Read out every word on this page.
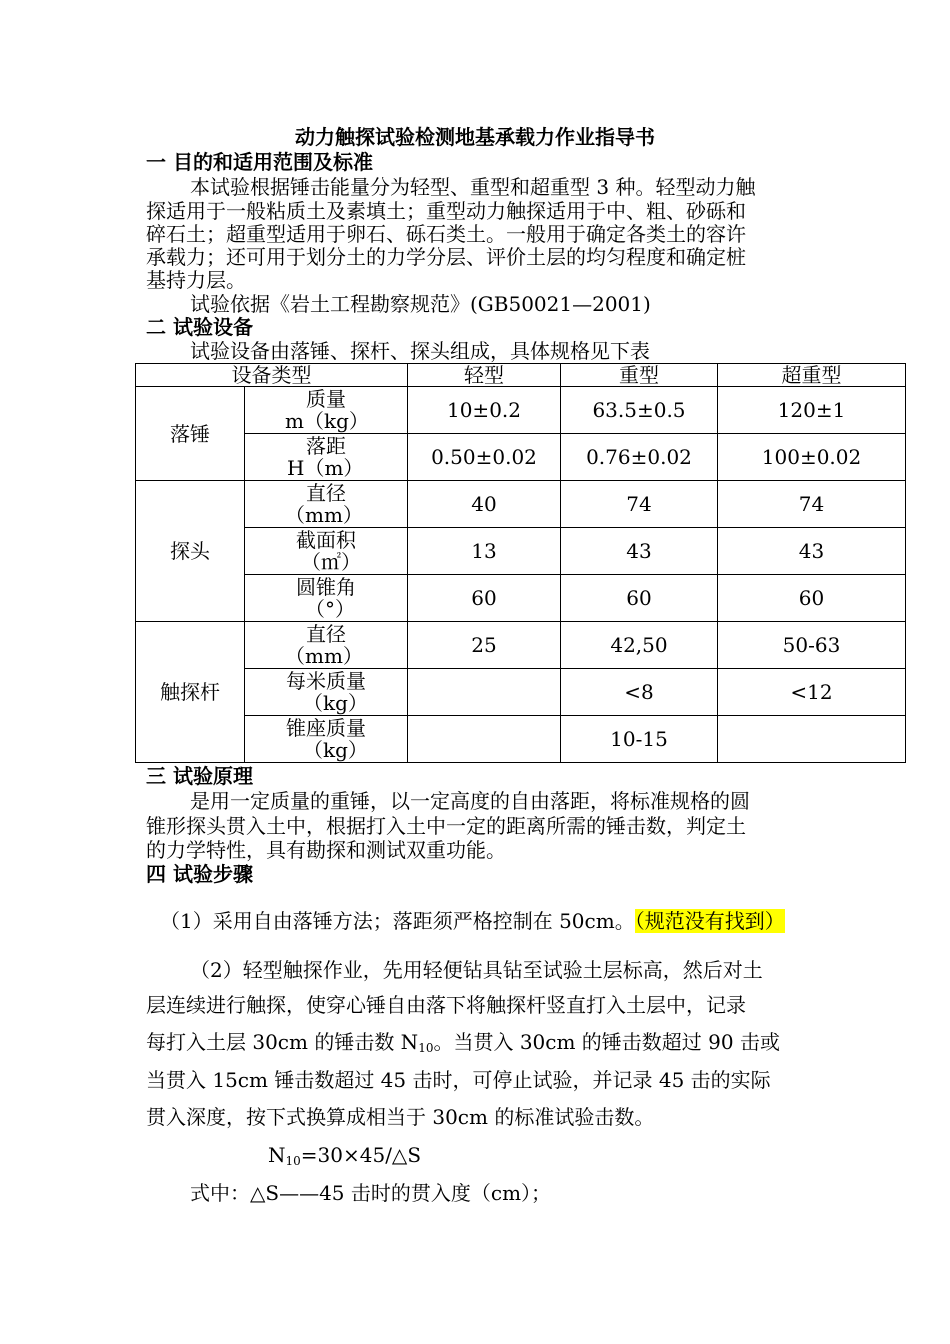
动力触探试验检测地基承载力作业指导书
一 目的和适用范围及标准
本试验根据锤击能量分为轻型、重型和超重型 3 种。轻型动力触
探适用于一般粘质土及素填土；重型动力触探适用于中、粗、砂砾和
碎石土；超重型适用于卵石、砾石类土。一般用于确定各类土的容许
承载力；还可用于划分土的力学分层、评价土层的均匀程度和确定桩
基持力层。
试验依据《岩土工程勘察规范》(GB50021—2001)
二 试验设备
试验设备由落锤、探杆、探头组成，具体规格见下表
设备类型		轻型	重型	超重型
落锤	质量
m（kg）	10±0.2	63.5±0.5	120±1

	落距
H（m）	0.50±0.02	0.76±0.02	100±0.02
探头	直径
（mm）	40	74	74

	截面积
（㎡）	13	43	43

	圆锥角
（°）	60	60	60
触探杆	直径
（mm）	25	42,50	50-63

	每米质量
（kg）		<8	<12

	锥座质量
（kg）		10-15	
三 试验原理
是用一定质量的重锤，以一定高度的自由落距，将标准规格的圆
锥形探头贯入土中，根据打入土中一定的距离所需的锤击数，判定土
的力学特性，具有勘探和测试双重功能。
四 试验步骤
（1）采用自由落锤方法；落距须严格控制在 50cm。（规范没有找到）
（2）轻型触探作业，先用轻便钻具钻至试验土层标高，然后对土
层连续进行触探，使穿心锤自由落下将触探杆竖直打入土层中，记录
每打入土层 30cm 的锤击数 $N_{10}$。当贯入 30cm 的锤击数超过 90 击或
当贯入 15cm 锤击数超过 45 击时，可停止试验，并记录 45 击的实际
贯入深度，按下式换算成相当于 30cm 的标准试验击数。
$N_{10}=30\times 45/\triangle S$
式中：△S——45 击时的贯入度（cm）；
